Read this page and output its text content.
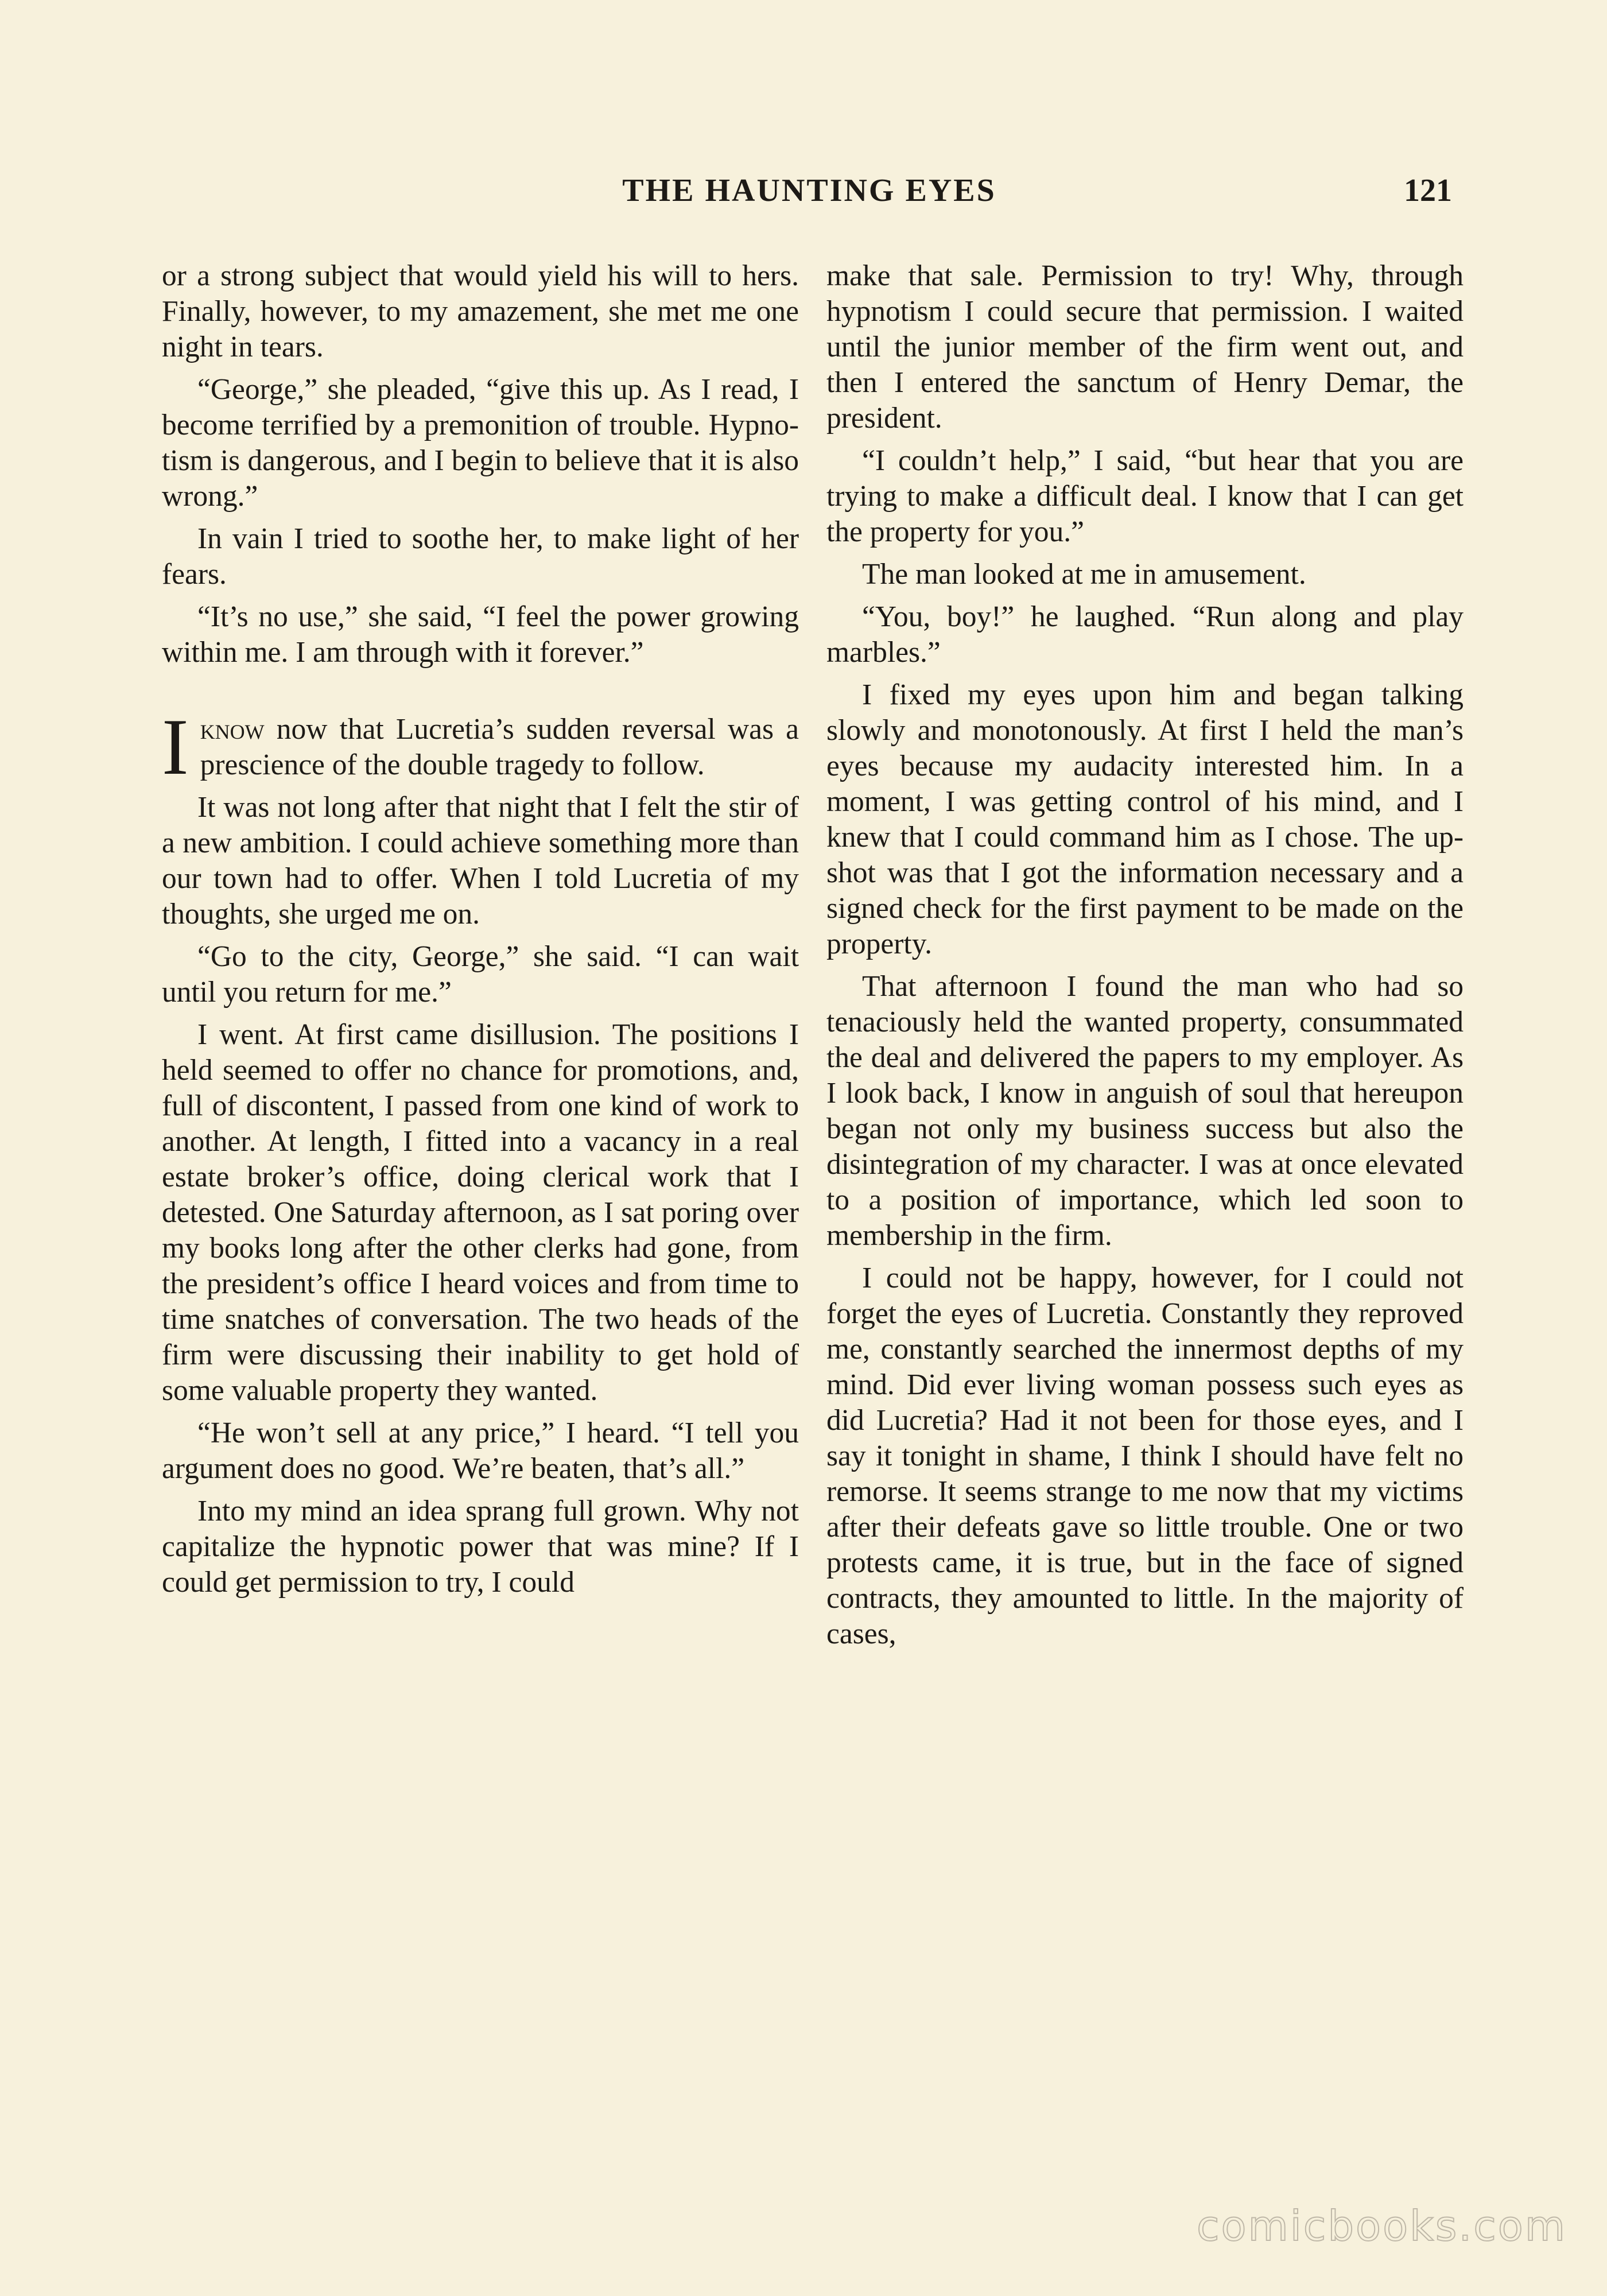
THE HAUNTING EYES	121

or a strong subject that would yield his will to hers. Finally, however, to my amazement, she met me one night in tears.

“George,” she pleaded, “give this up. As I read, I become terrified by a premonition of trouble. Hypnotism is dangerous, and I begin to believe that it is also wrong.”

In vain I tried to soothe her, to make light of her fears.

“It’s no use,” she said, “I feel the power growing within me. I am through with it forever.”

Iknow now that Lucretia’s sudden reversal was a prescience of the double tragedy to follow.

It was not long after that night that I felt the stir of a new ambition. I could achieve something more than our town had to offer. When I told Lucretia of my thoughts, she urged me on.

“Go to the city, George,” she said. “I can wait until you return for me.”

I went. At first came disillusion. The positions I held seemed to offer no chance for promotions, and, full of discontent, I passed from one kind of work to another. At length, I fitted into a vacancy in a real estate broker’s office, doing clerical work that I detested. One Saturday afternoon, as I sat poring over my books long after the other clerks had gone, from the president’s office I heard voices and from time to time snatches of conversation. The two heads of the firm were discussing their inability to get hold of some valuable property they wanted.

“He won’t sell at any price,” I heard. “I tell you argument does no good. We’re beaten, that’s all.”

Into my mind an idea sprang full grown. Why not capitalize the hypnotic power that was mine? If I could get permission to try, I could

make that sale. Permission to try! Why, through hypnotism I could secure that permission. I waited until the junior member of the firm went out, and then I entered the sanctum of Henry Demar, the president.

“I couldn’t help,” I said, “but hear that you are trying to make a difficult deal. I know that I can get the property for you.”

The man looked at me in amusement.

“You, boy!” he laughed. “Run along and play marbles.”

I fixed my eyes upon him and began talking slowly and monotonously. At first I held the man’s eyes because my audacity interested him. In a moment, I was getting control of his mind, and I knew that I could command him as I chose. The upshot was that I got the information necessary and a signed check for the first payment to be made on the property.

That afternoon I found the man who had so tenaciously held the wanted property, consummated the deal and delivered the papers to my employer. As I look back, I know in anguish of soul that hereupon began not only my business success but also the disintegration of my character. I was at once elevated to a position of importance, which led soon to membership in the firm.

I could not be happy, however, for I could not forget the eyes of Lucretia. Constantly they reproved me, constantly searched the innermost depths of my mind. Did ever living woman possess such eyes as did Lucretia? Had it not been for those eyes, and I say it tonight in shame, I think I should have felt no remorse. It seems strange to me now that my victims after their defeats gave so little trouble. One or two protests came, it is true, but in the face of signed contracts, they amounted to little. In the majority of cases,

comicbooks.com
